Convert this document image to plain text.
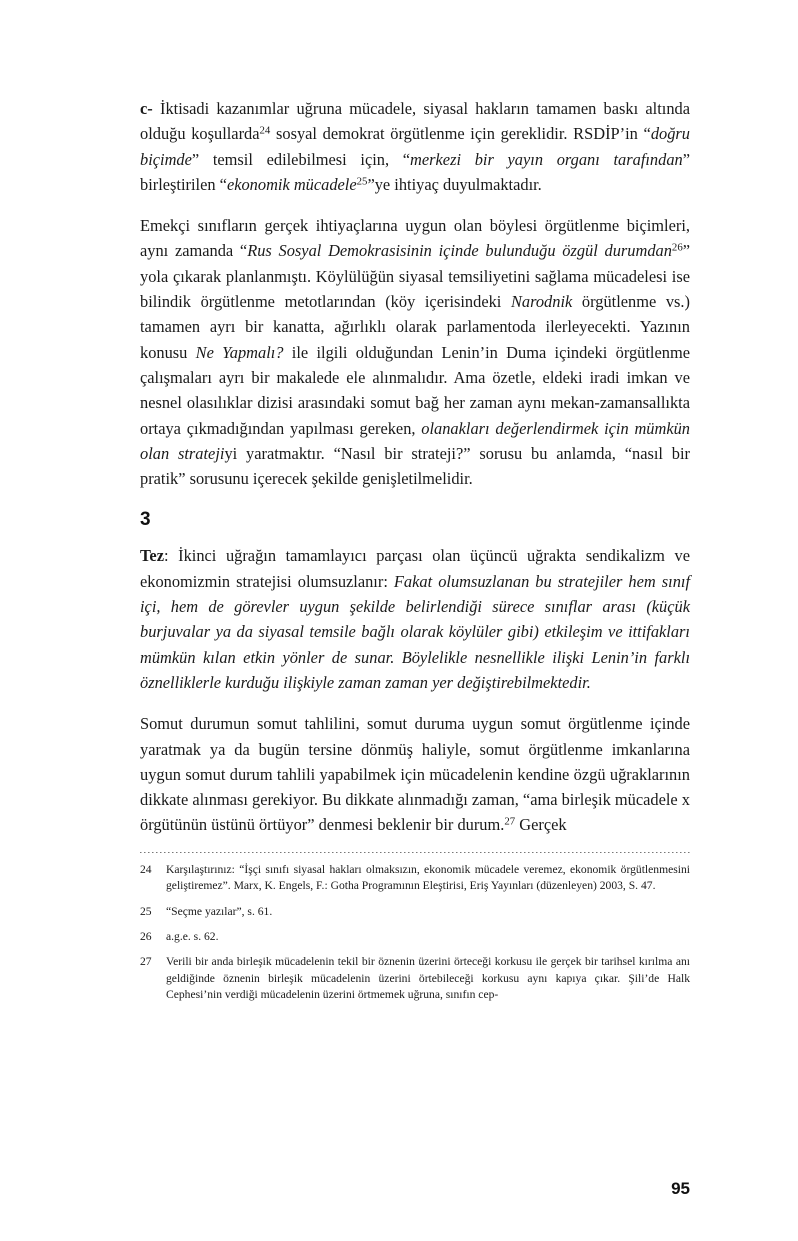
c- İktisadi kazanımlar uğruna mücadele, siyasal hakların tamamen baskı altında olduğu koşullarda$^{24}$ sosyal demokrat örgütlenme için gereklidir. RSDİP’in “doğru biçimde” temsil edilebilmesi için, “merkezi bir yayın organı tarafından” birleştirilen “ekonomik mücadele$^{25}$”ye ihtiyaç duyulmaktadır.

Emekçi sınıfların gerçek ihtiyaçlarına uygun olan böylesi örgütlenme biçimleri, aynı zamanda “Rus Sosyal Demokrasisinin içinde bulunduğu özgül durumdan$^{26}$” yola çıkarak planlanmıştı. Köylülüğün siyasal temsiliyetini sağlama mücadelesi ise bilindik örgütlenme metotlarından (köy içerisindeki Narodnik örgütlenme vs.) tamamen ayrı bir kanatta, ağırlıklı olarak parlamentoda ilerleyecekti. Yazının konusu Ne Yapmalı? ile ilgili olduğundan Lenin’in Duma içindeki örgütlenme çalışmaları ayrı bir makalede ele alınmalıdır. Ama özetle, eldeki iradi imkan ve nesnel olasılıklar dizisi arasındaki somut bağ her zaman aynı mekan-zamansallıkta ortaya çıkmadığından yapılması gereken, olanakları değerlendirmek için mümkün olan stratejiyi yaratmaktır. “Nasıl bir strateji?” sorusu bu anlamda, “nasıl bir pratik” sorusunu içerecek şekilde genişletilmelidir.

3

Tez: İkinci uğrağın tamamlayıcı parçası olan üçüncü uğrakta sendikalizm ve ekonomizmin stratejisi olumsuzlanır: Fakat olumsuzlanan bu stratejiler hem sınıf içi, hem de görevler uygun şekilde belirlendiği sürece sınıflar arası (küçük burjuvalar ya da siyasal temsile bağlı olarak köylüler gibi) etkileşim ve ittifakları mümkün kılan etkin yönler de sunar. Böylelikle nesnellikle ilişki Lenin’in farklı öznelliklerle kurduğu ilişkiyle zaman zaman yer değiştirebilmektedir.

Somut durumun somut tahlilini, somut duruma uygun somut örgütlenme içinde yaratmak ya da bugün tersine dönmüş haliyle, somut örgütlenme imkanlarına uygun somut durum tahlili yapabilmek için mücadelenin kendine özgü uğraklarının dikkate alınması gerekiyor. Bu dikkate alınmadığı zaman, “ama birleşik mücadele x örgütünün üstünü örtüyor” denmesi beklenir bir durum.$^{27}$ Gerçek

24	Karşılaştırınız: “İşçi sınıfı siyasal hakları olmaksızın, ekonomik mücadele veremez, ekonomik örgütlenmesini geliştiremez”. Marx, K. Engels, F.: Gotha Programının Eleştirisi, Eriş Yayınları (düzenleyen) 2003, S. 47.
25	“Seçme yazılar”, s. 61.
26	a.g.e. s. 62.
27	Verili bir anda birleşik mücadelenin tekil bir öznenin üzerini örteceği korkusu ile gerçek bir tarihsel kırılma anı geldiğinde öznenin birleşik mücadelenin üzerini örtebileceği korkusu aynı kapıya çıkar. Şili’de Halk Cephesi’nin verdiği mücadelenin üzerini örtmemek uğruna, sınıfın cep-
95
